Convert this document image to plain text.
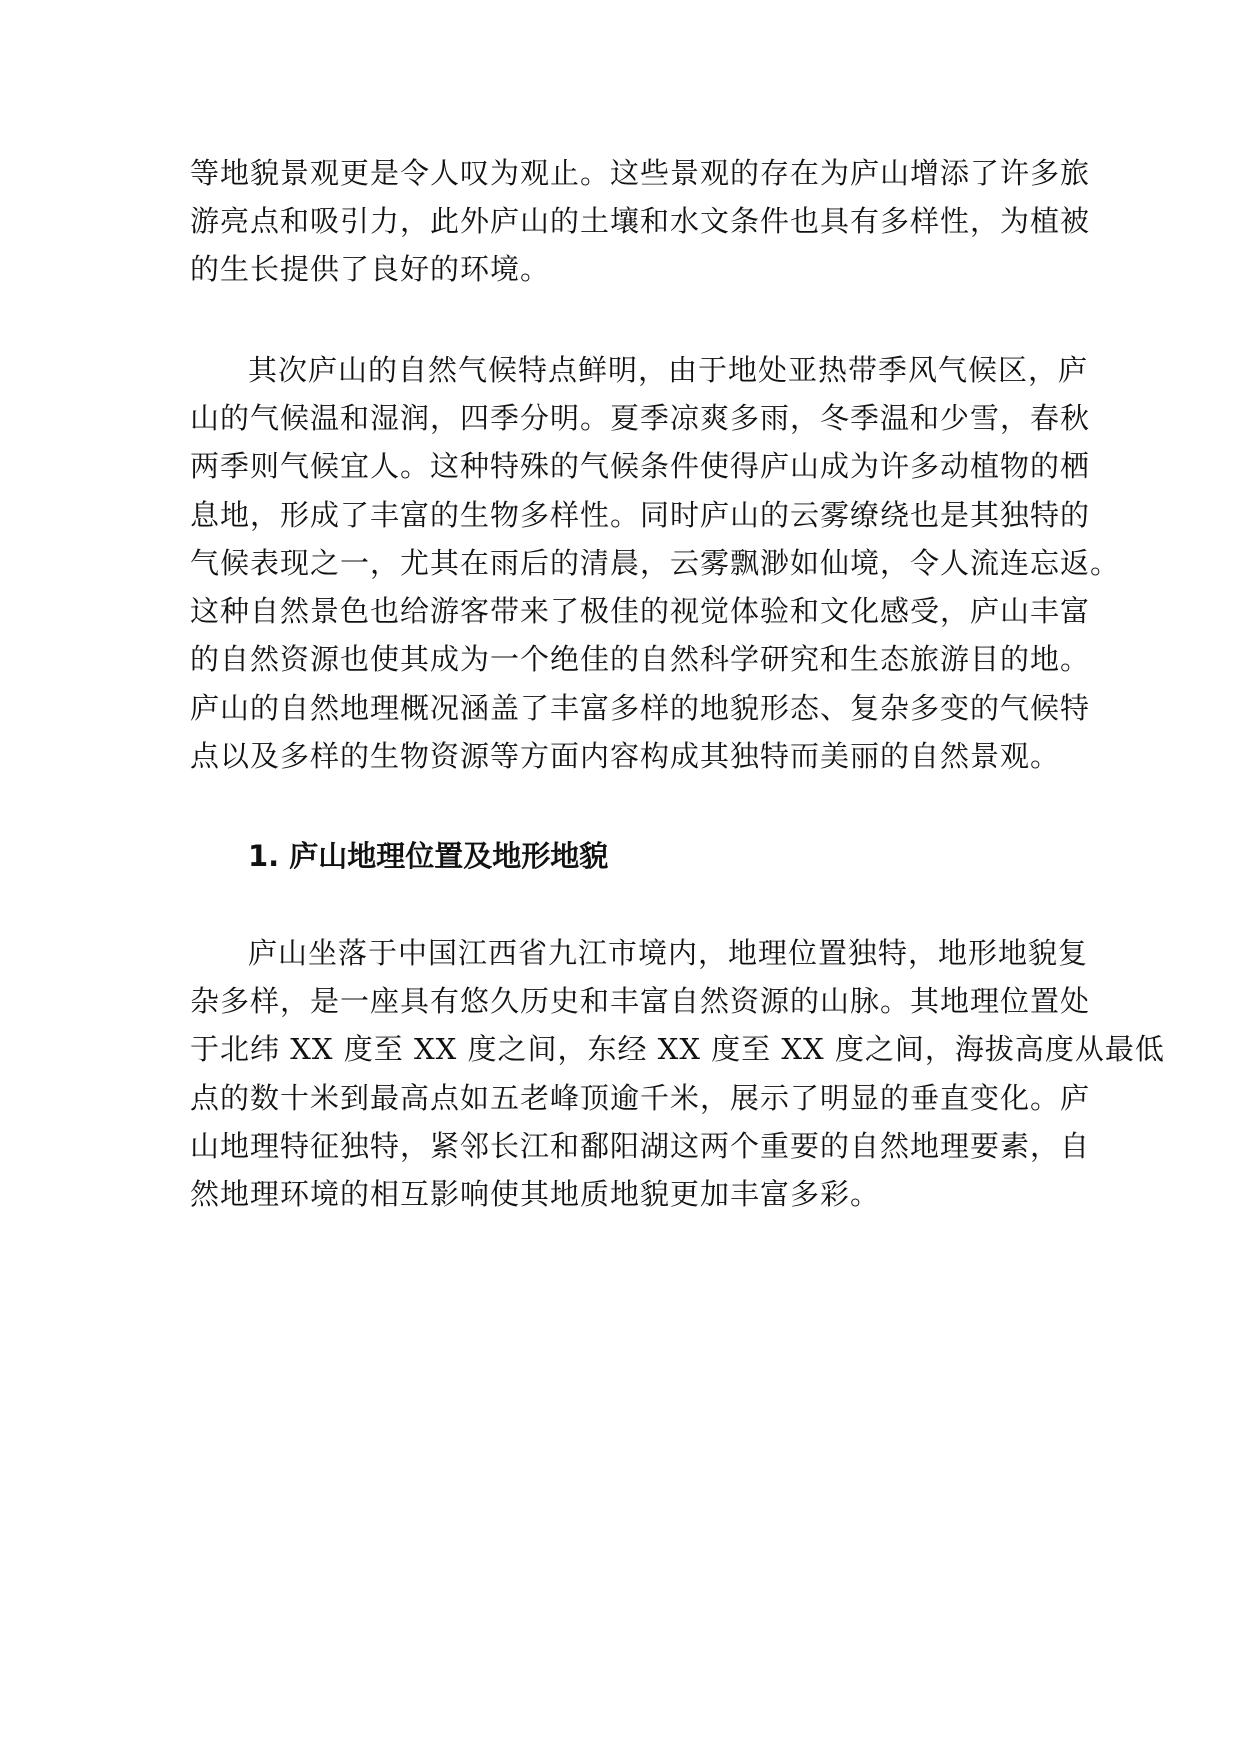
等地貌景观更是令人叹为观止。这些景观的存在为庐山增添了许多旅
游亮点和吸引力，此外庐山的土壤和水文条件也具有多样性，为植被
的生长提供了良好的环境。
其次庐山的自然气候特点鲜明，由于地处亚热带季风气候区，庐
山的气候温和湿润，四季分明。夏季凉爽多雨，冬季温和少雪，春秋
两季则气候宜人。这种特殊的气候条件使得庐山成为许多动植物的栖
息地，形成了丰富的生物多样性。同时庐山的云雾缭绕也是其独特的
气候表现之一，尤其在雨后的清晨，云雾飘渺如仙境，令人流连忘返。
这种自然景色也给游客带来了极佳的视觉体验和文化感受，庐山丰富
的自然资源也使其成为一个绝佳的自然科学研究和生态旅游目的地。
庐山的自然地理概况涵盖了丰富多样的地貌形态、复杂多变的气候特
点以及多样的生物资源等方面内容构成其独特而美丽的自然景观。
1. 庐山地理位置及地形地貌
庐山坐落于中国江西省九江市境内，地理位置独特，地形地貌复
杂多样，是一座具有悠久历史和丰富自然资源的山脉。其地理位置处
于北纬 XX 度至 XX 度之间，东经 XX 度至 XX 度之间，海拔高度从最低
点的数十米到最高点如五老峰顶逾千米，展示了明显的垂直变化。庐
山地理特征独特，紧邻长江和鄱阳湖这两个重要的自然地理要素，自
然地理环境的相互影响使其地质地貌更加丰富多彩。
